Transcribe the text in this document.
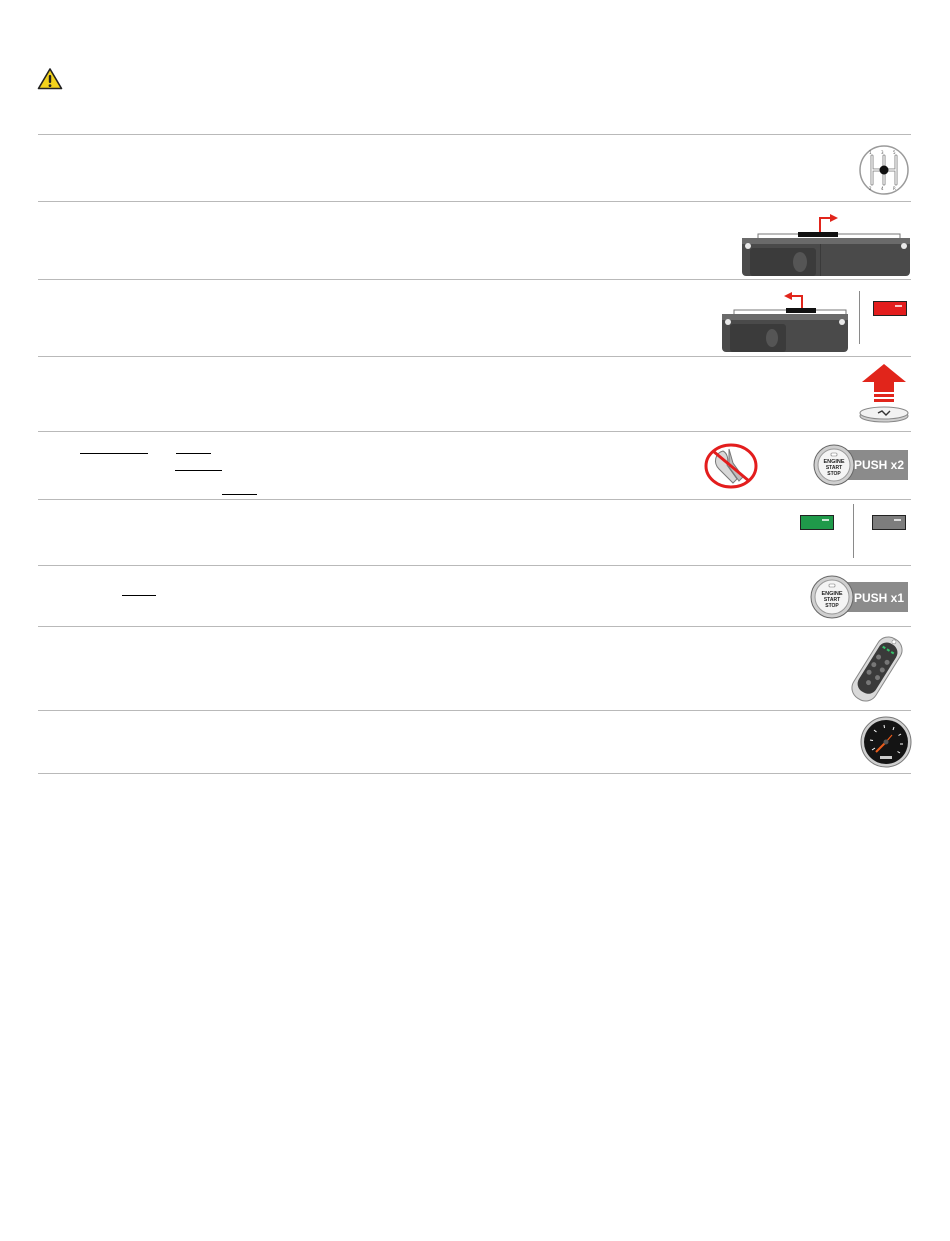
1 3 5
2 4 R
PUSH x2
ENGINE
START
STOP
PUSH x1
ENGINE
START
STOP
